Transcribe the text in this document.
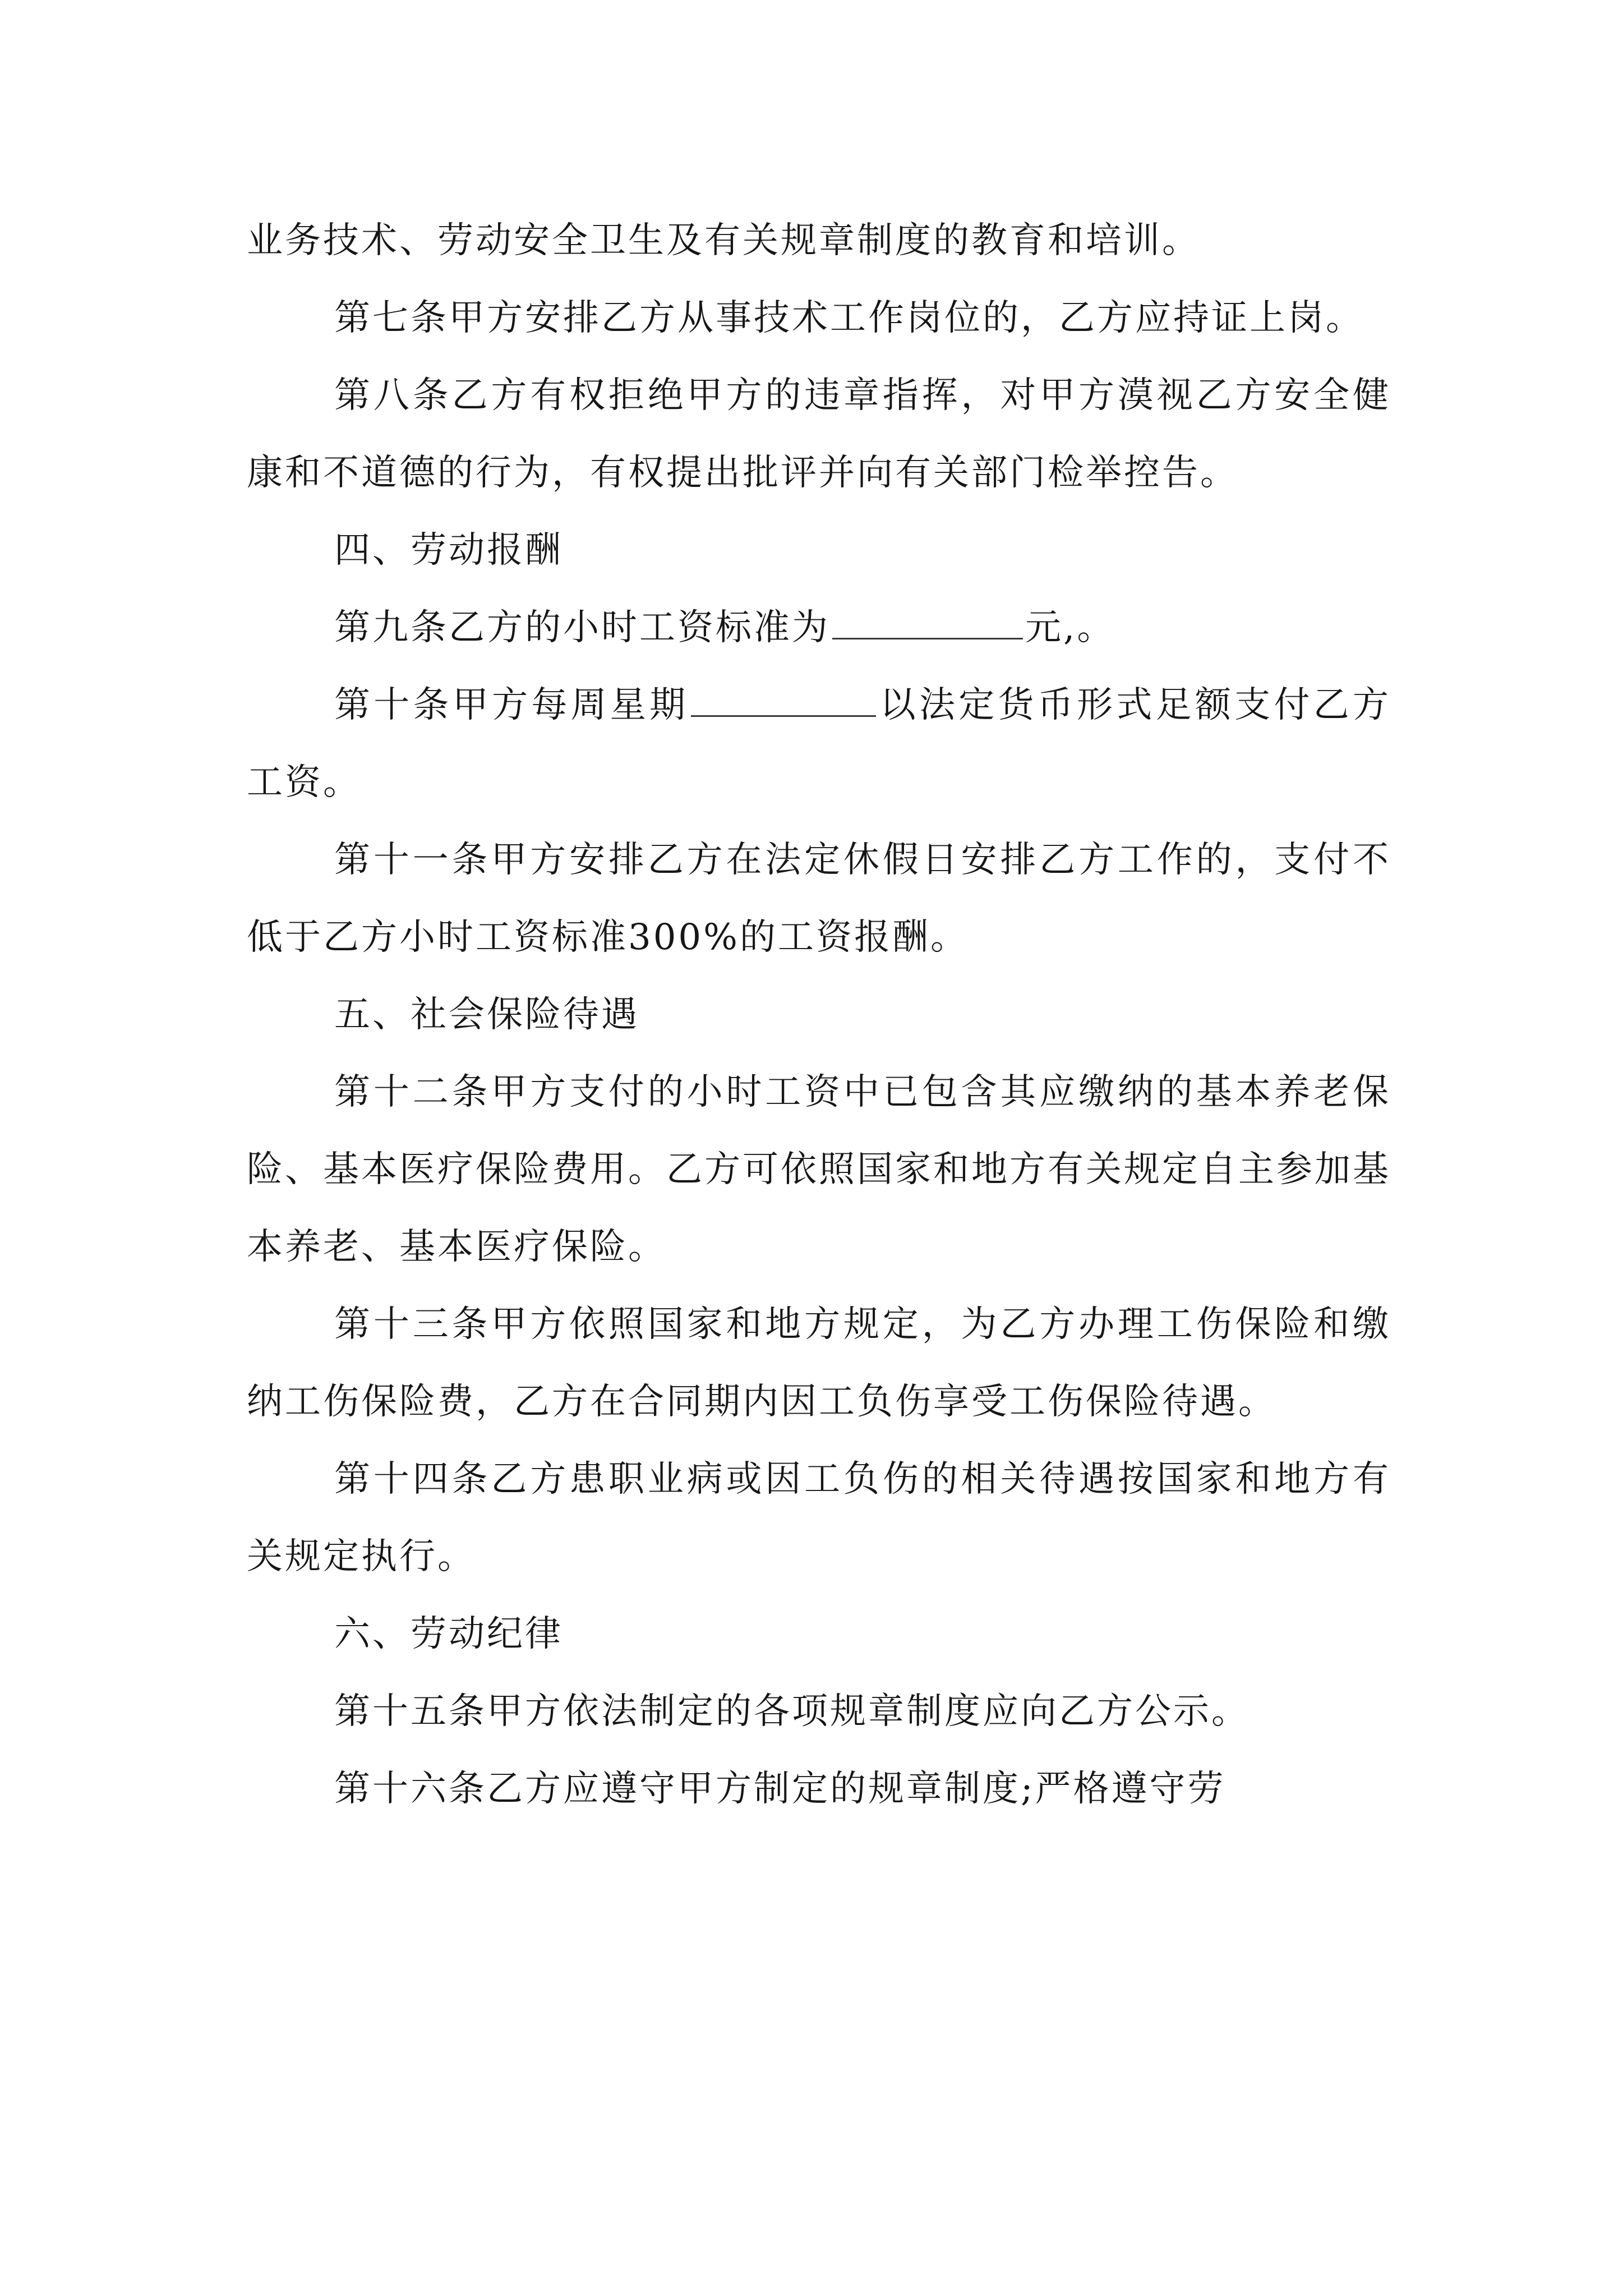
业务技术、劳动安全卫生及有关规章制度的教育和培训。

第七条甲方安排乙方从事技术工作岗位的，乙方应持证上岗。

第八条乙方有权拒绝甲方的违章指挥，对甲方漠视乙方安全健康和不道德的行为，有权提出批评并向有关部门检举控告。

四、劳动报酬

第九条乙方的小时工资标准为	元,。

第十条甲方每周星期	以法定货币形式足额支付乙方工资。

第十一条甲方安排乙方在法定休假日安排乙方工作的，支付不低于乙方小时工资标准300%的工资报酬。

五、社会保险待遇

第十二条甲方支付的小时工资中已包含其应缴纳的基本养老保险、基本医疗保险费用。乙方可依照国家和地方有关规定自主参加基本养老、基本医疗保险。

第十三条甲方依照国家和地方规定，为乙方办理工伤保险和缴纳工伤保险费，乙方在合同期内因工负伤享受工伤保险待遇。

第十四条乙方患职业病或因工负伤的相关待遇按国家和地方有关规定执行。

六、劳动纪律

第十五条甲方依法制定的各项规章制度应向乙方公示。

第十六条乙方应遵守甲方制定的规章制度;严格遵守劳
